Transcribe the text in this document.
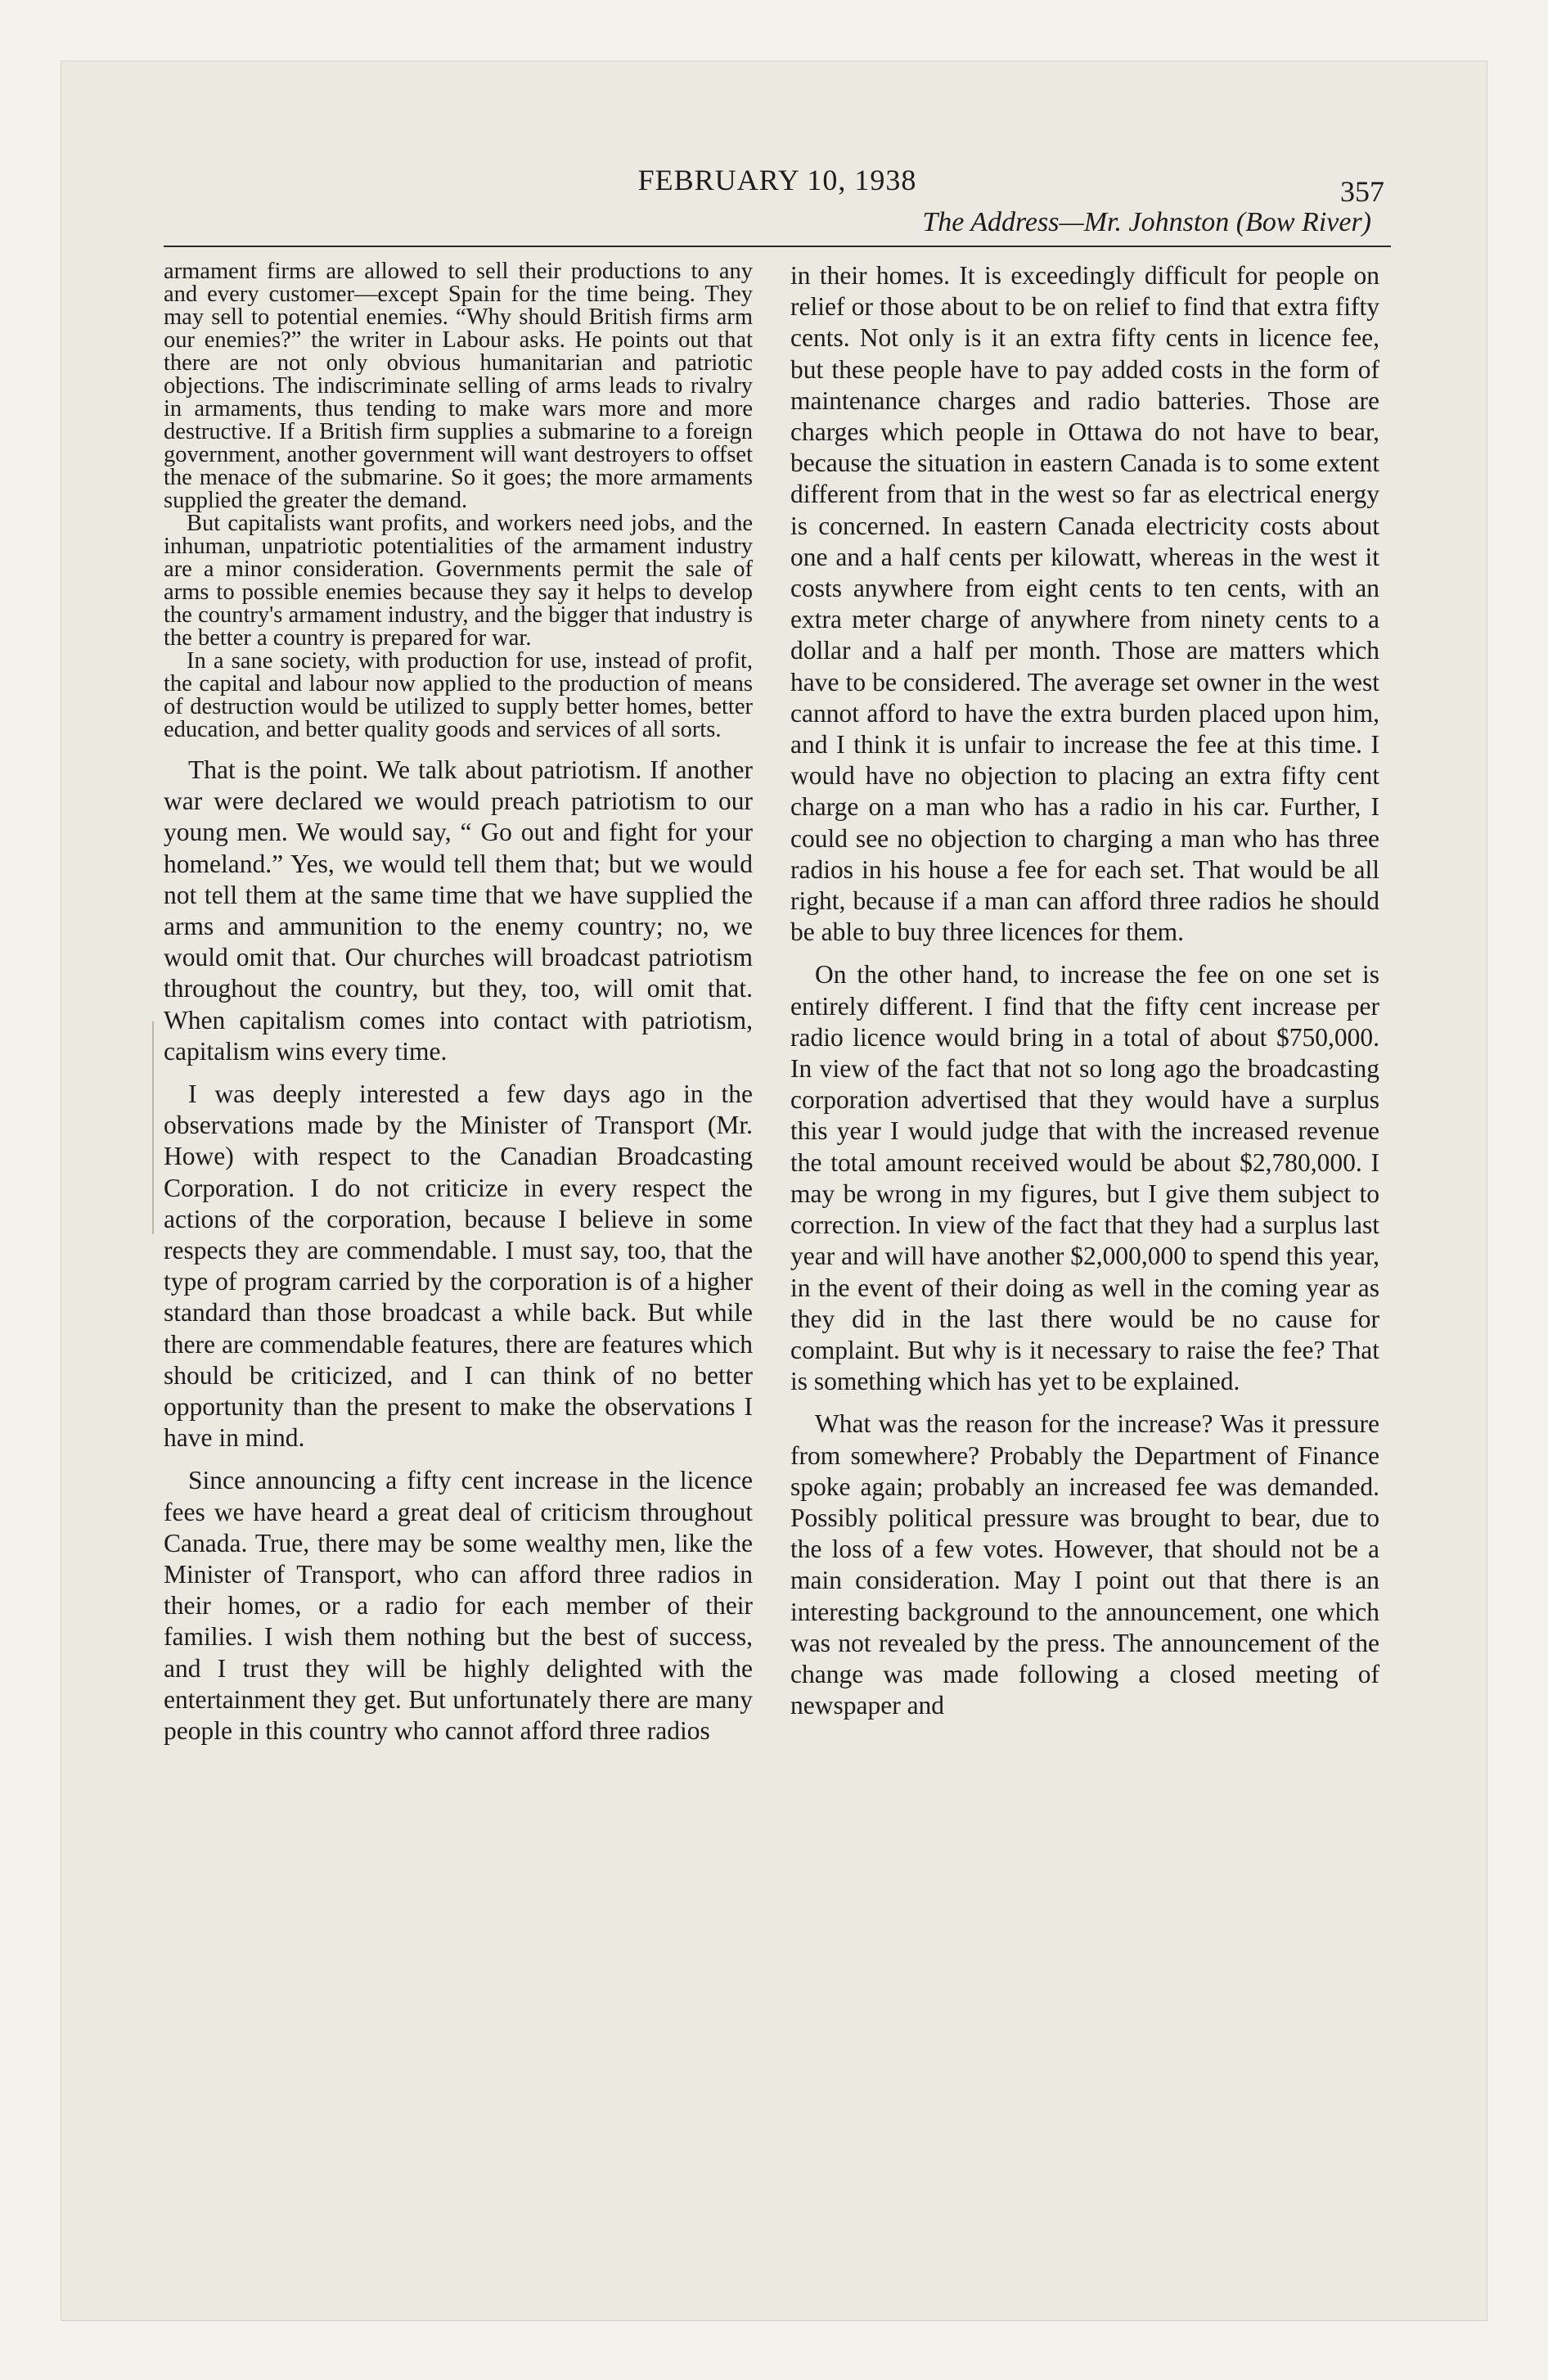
FEBRUARY 10, 1938	357
The Address—Mr. Johnston (Bow River)

armament firms are allowed to sell their productions to any and every customer—except Spain for the time being. They may sell to potential enemies. “Why should British firms arm our enemies?” the writer in Labour asks. He points out that there are not only obvious humanitarian and patriotic objections. The indiscriminate selling of arms leads to rivalry in armaments, thus tending to make wars more and more destructive. If a British firm supplies a submarine to a foreign government, another government will want destroyers to offset the menace of the submarine. So it goes; the more armaments supplied the greater the demand.

But capitalists want profits, and workers need jobs, and the inhuman, unpatriotic potentialities of the armament industry are a minor consideration. Governments permit the sale of arms to possible enemies because they say it helps to develop the country's armament industry, and the bigger that industry is the better a country is prepared for war.

In a sane society, with production for use, instead of profit, the capital and labour now applied to the production of means of destruction would be utilized to supply better homes, better education, and better quality goods and services of all sorts.

That is the point. We talk about patriotism. If another war were declared we would preach patriotism to our young men. We would say, “ Go out and fight for your homeland.” Yes, we would tell them that; but we would not tell them at the same time that we have supplied the arms and ammunition to the enemy country; no, we would omit that. Our churches will broadcast patriotism throughout the country, but they, too, will omit that. When capitalism comes into contact with patriotism, capitalism wins every time.

I was deeply interested a few days ago in the observations made by the Minister of Transport (Mr. Howe) with respect to the Canadian Broadcasting Corporation. I do not criticize in every respect the actions of the corporation, because I believe in some respects they are commendable. I must say, too, that the type of program carried by the corporation is of a higher standard than those broadcast a while back. But while there are commendable features, there are features which should be criticized, and I can think of no better opportunity than the present to make the observations I have in mind.

Since announcing a fifty cent increase in the licence fees we have heard a great deal of criticism throughout Canada. True, there may be some wealthy men, like the Minister of Transport, who can afford three radios in their homes, or a radio for each member of their families. I wish them nothing but the best of success, and I trust they will be highly delighted with the entertainment they get. But unfortunately there are many people in this country who cannot afford three radios

in their homes. It is exceedingly difficult for people on relief or those about to be on relief to find that extra fifty cents. Not only is it an extra fifty cents in licence fee, but these people have to pay added costs in the form of maintenance charges and radio batteries. Those are charges which people in Ottawa do not have to bear, because the situation in eastern Canada is to some extent different from that in the west so far as electrical energy is concerned. In eastern Canada electricity costs about one and a half cents per kilowatt, whereas in the west it costs anywhere from eight cents to ten cents, with an extra meter charge of anywhere from ninety cents to a dollar and a half per month. Those are matters which have to be considered. The average set owner in the west cannot afford to have the extra burden placed upon him, and I think it is unfair to increase the fee at this time. I would have no objection to placing an extra fifty cent charge on a man who has a radio in his car. Further, I could see no objection to charging a man who has three radios in his house a fee for each set. That would be all right, because if a man can afford three radios he should be able to buy three licences for them.

On the other hand, to increase the fee on one set is entirely different. I find that the fifty cent increase per radio licence would bring in a total of about $750,000. In view of the fact that not so long ago the broadcasting corporation advertised that they would have a surplus this year I would judge that with the increased revenue the total amount received would be about $2,780,000. I may be wrong in my figures, but I give them subject to correction. In view of the fact that they had a surplus last year and will have another $2,000,000 to spend this year, in the event of their doing as well in the coming year as they did in the last there would be no cause for complaint. But why is it necessary to raise the fee? That is something which has yet to be explained.

What was the reason for the increase? Was it pressure from somewhere? Probably the Department of Finance spoke again; probably an increased fee was demanded. Possibly political pressure was brought to bear, due to the loss of a few votes. However, that should not be a main consideration. May I point out that there is an interesting background to the announcement, one which was not revealed by the press. The announcement of the change was made following a closed meeting of newspaper and
